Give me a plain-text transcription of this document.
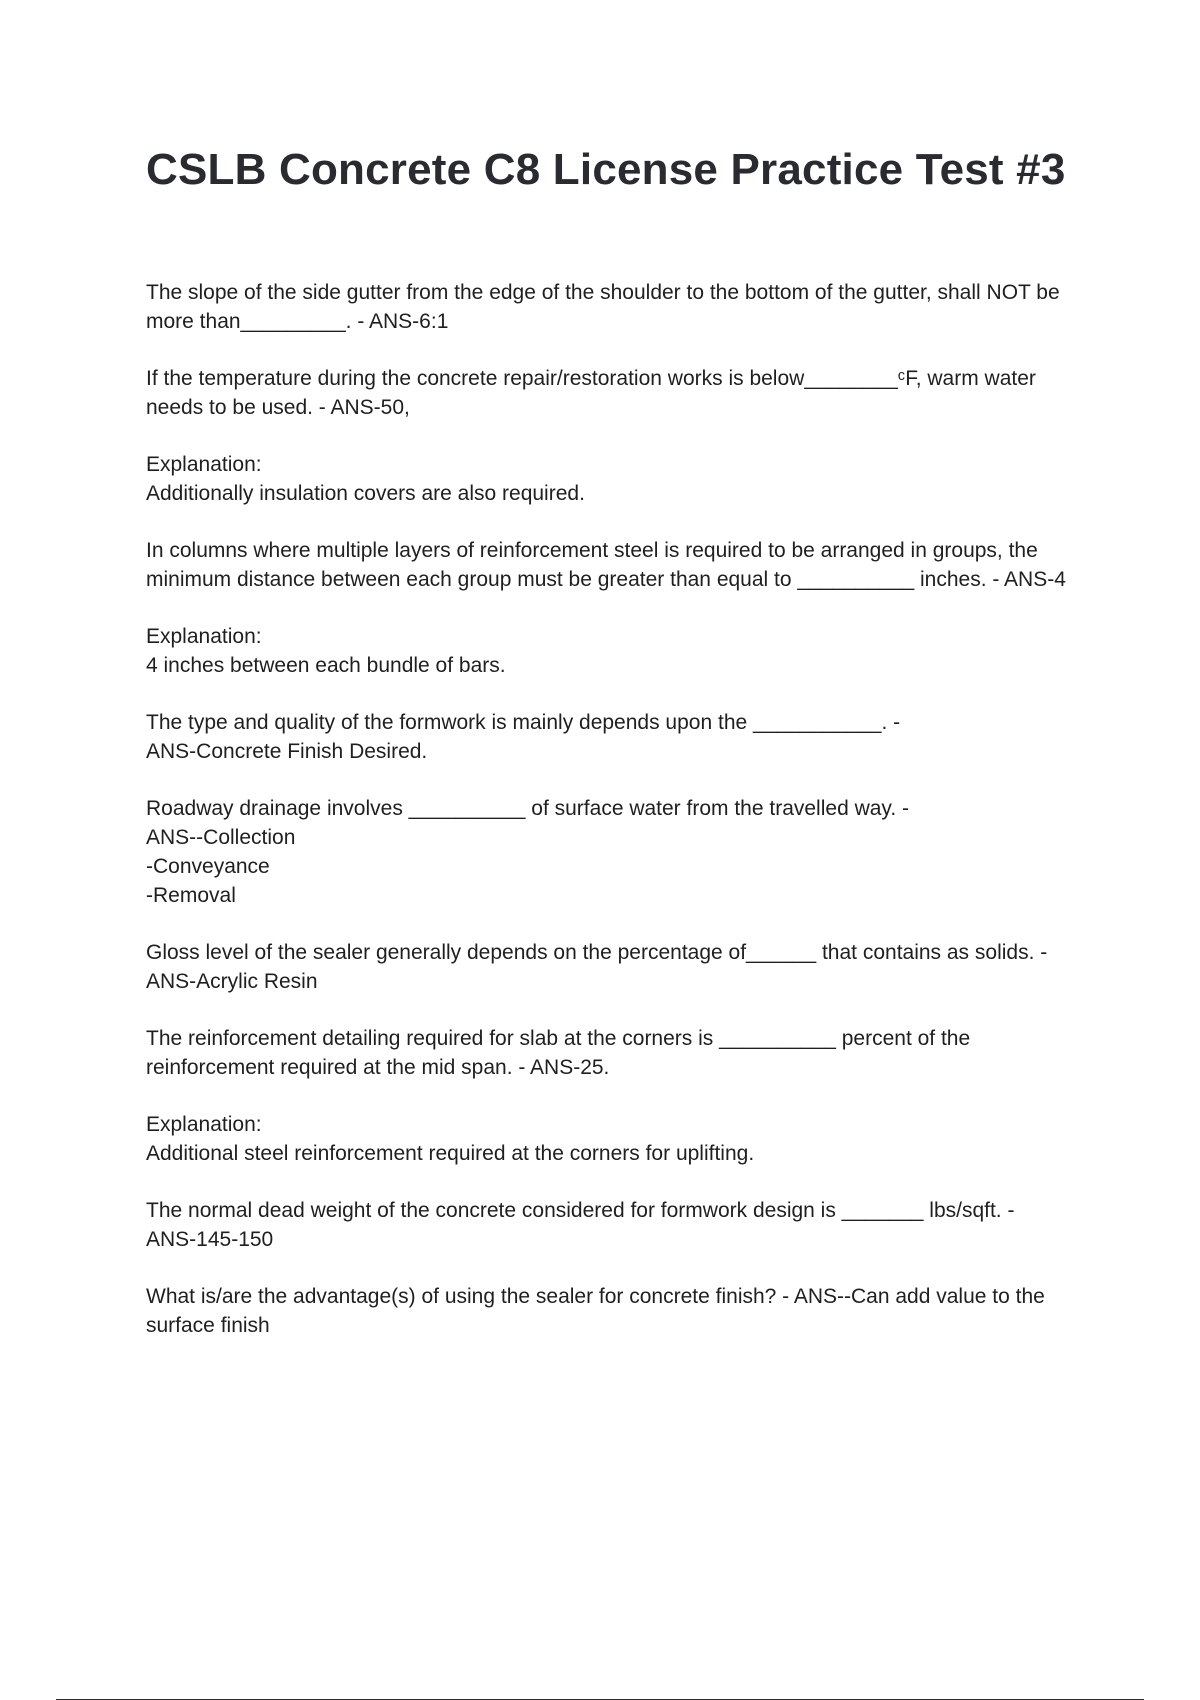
CSLB Concrete C8 License Practice Test #3

The slope of the side gutter from the edge of the shoulder to the bottom of the gutter, shall NOT be more than_________. - ANS-6:1

If the temperature during the concrete repair/restoration works is below________ᶜF, warm water needs to be used. - ANS-50,

Explanation:
Additionally insulation covers are also required.

In columns where multiple layers of reinforcement steel is required to be arranged in groups, the minimum distance between each group must be greater than equal to __________ inches. - ANS-4

Explanation:
4 inches between each bundle of bars.

The type and quality of the formwork is mainly depends upon the ___________. -
ANS-Concrete Finish Desired.

Roadway drainage involves __________ of surface water from the travelled way. -
ANS--Collection
-Conveyance
-Removal

Gloss level of the sealer generally depends on the percentage of______ that contains as solids. - ANS-Acrylic Resin

The reinforcement detailing required for slab at the corners is __________ percent of the reinforcement required at the mid span. - ANS-25.

Explanation:
Additional steel reinforcement required at the corners for uplifting.

The normal dead weight of the concrete considered for formwork design is _______ lbs/sqft. -
ANS-145-150

What is/are the advantage(s) of using the sealer for concrete finish? - ANS--Can add value to the surface finish
